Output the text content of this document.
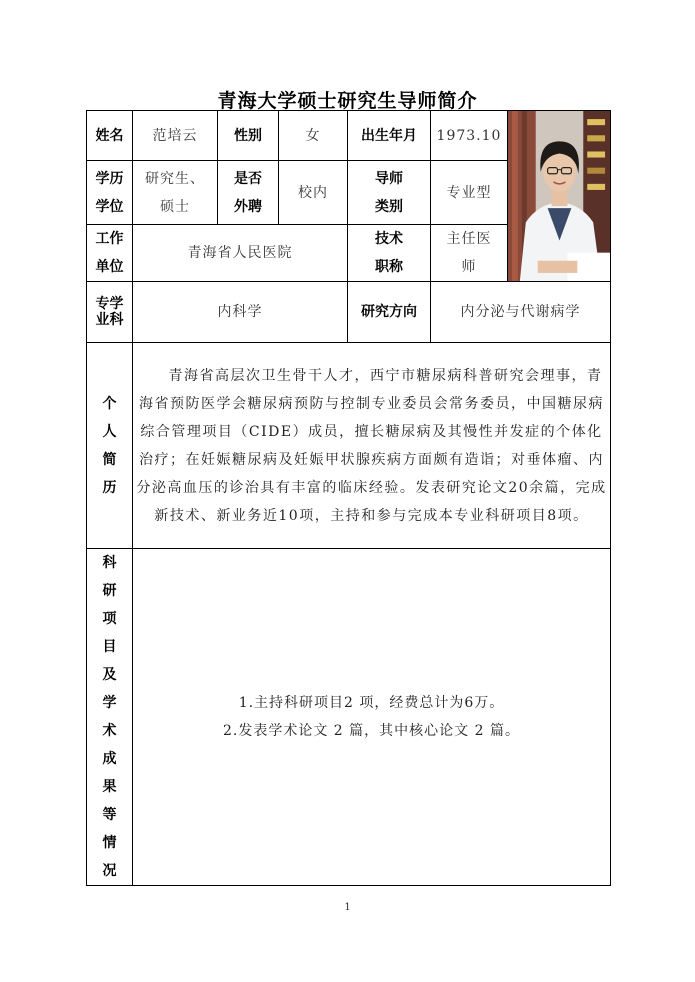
青海大学硕士研究生导师简介
姓名	范培云	性别	女	出生年月	1973.10	

学历学位	研究生、硕士	是否外聘	校内	导师类别	专业型	
工作单位	青海省人民医院			技术职称	主任医师	
专学业科	内科学			研究方向	内分泌与代谢病学	
个人简历	青海省高层次卫生骨干人才，西宁市糖尿病科普研究会理事，青海省预防医学会糖尿病预防与控制专业委员会常务委员，中国糖尿病综合管理项目（CIDE）成员，擅长糖尿病及其慢性并发症的个体化治疗；在妊娠糖尿病及妊娠甲状腺疾病方面颇有造诣；对垂体瘤、内分泌高血压的诊治具有丰富的临床经验。发表研究论文20余篇，完成新技术、新业务近10项，主持和参与完成本专业科研项目8项。					

科研项目及学术成果等情况	1.主持科研项目2 项，经费总计为6万。
2.发表学术论文 2 篇，其中核心论文 2 篇。					
1
